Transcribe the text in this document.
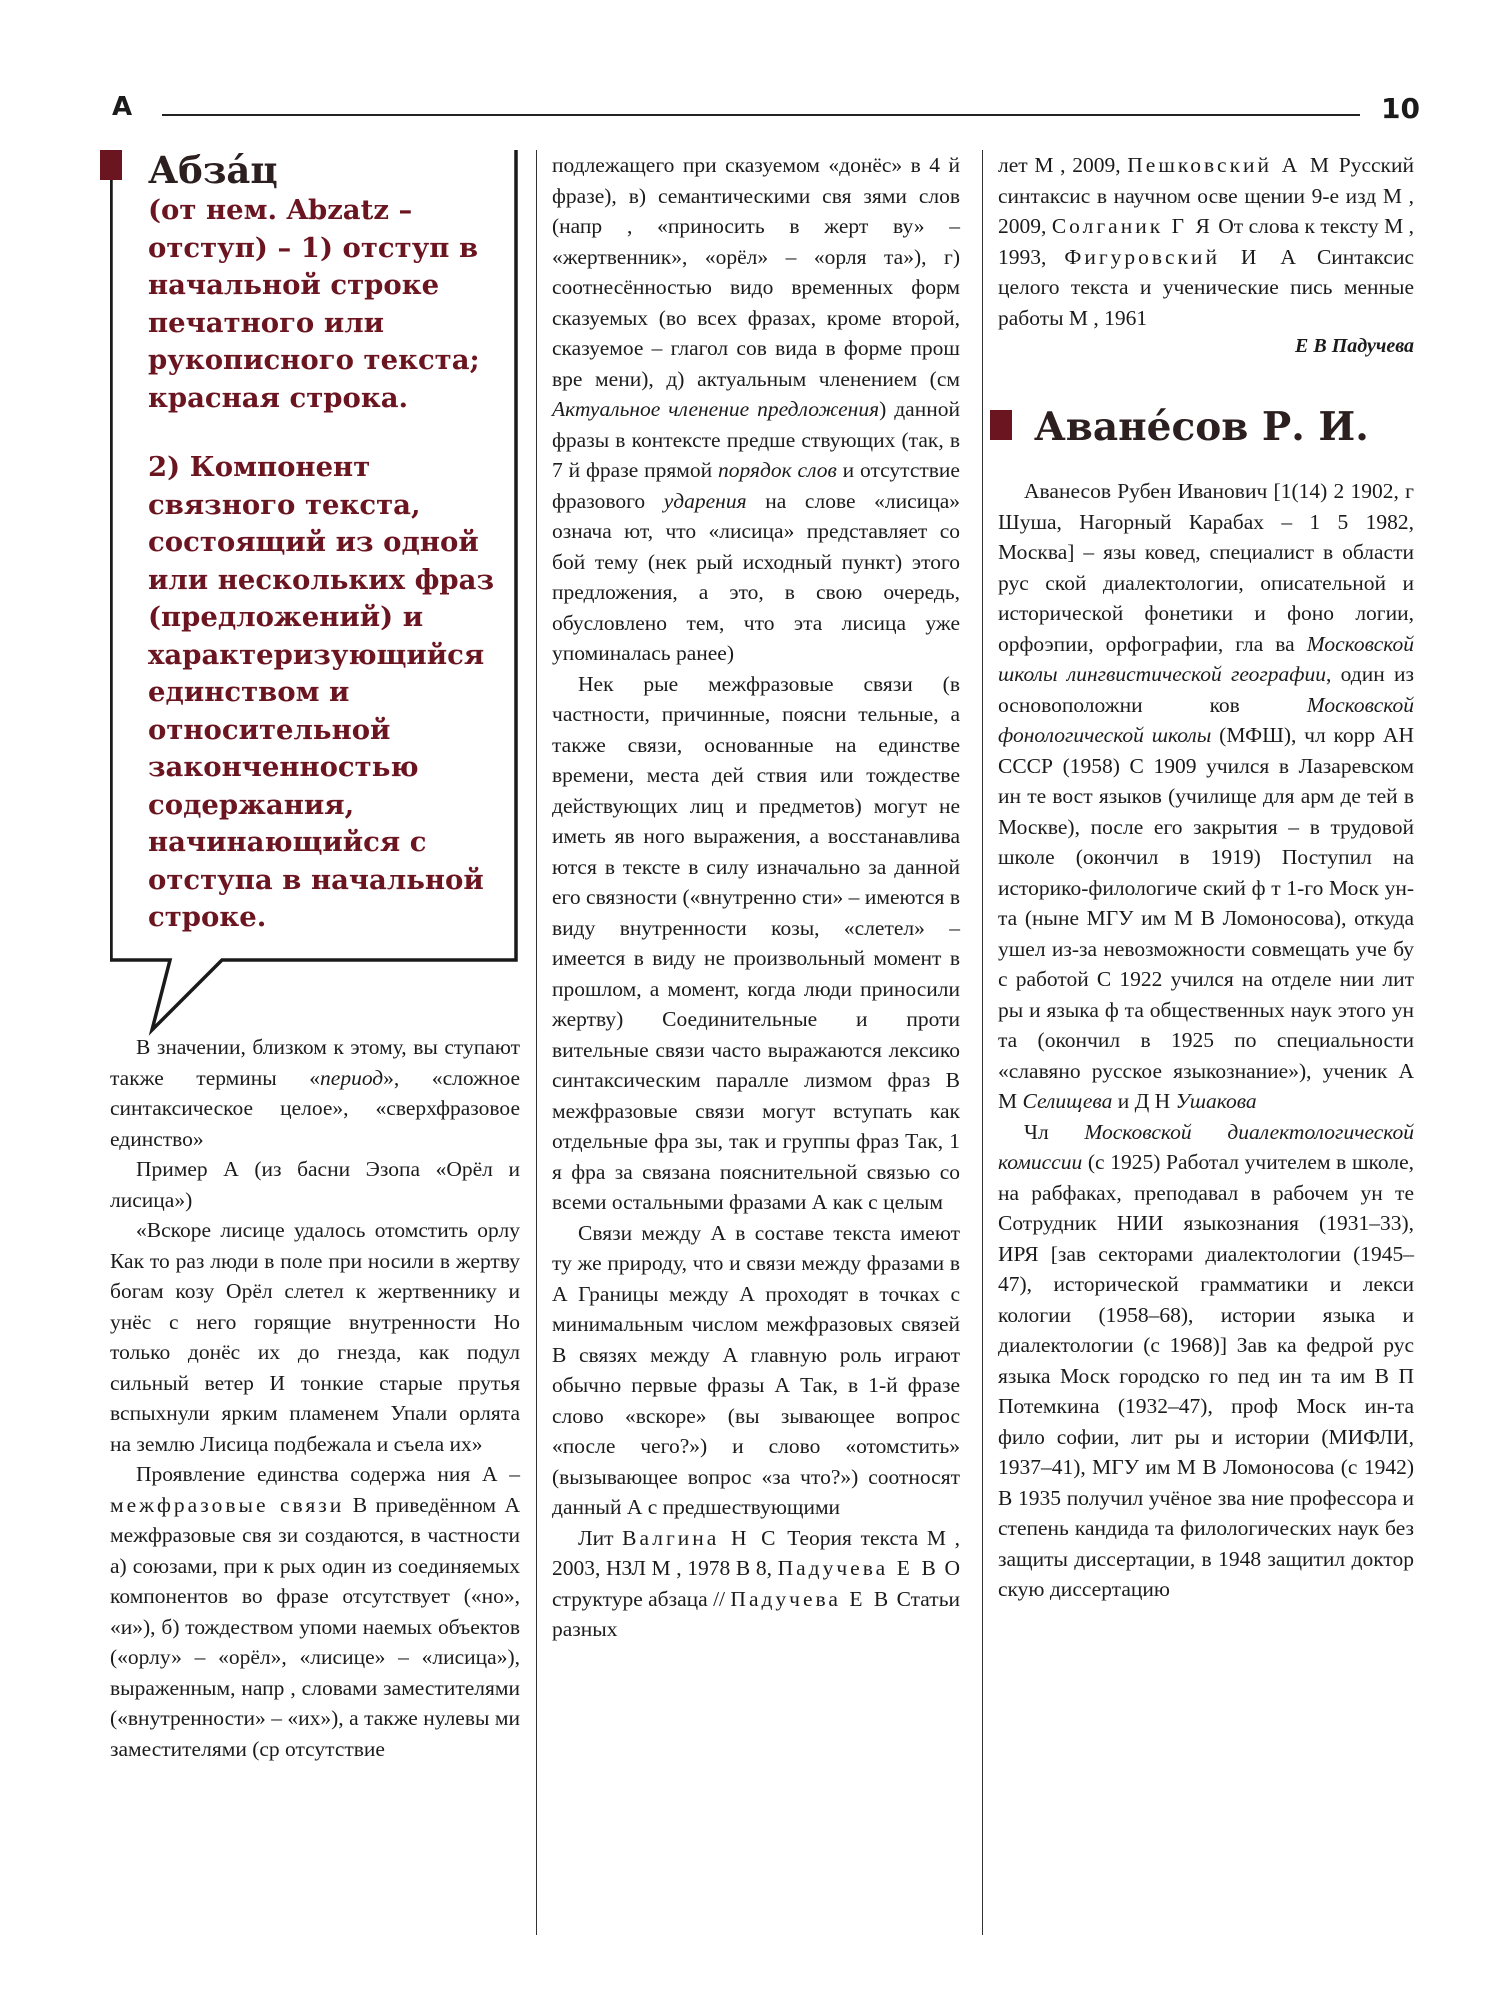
А	10

Абзáц

(от нем. Abzatz – отступ) – 1) отступ в начальной строке печатного или рукописного текста; красная строка.

2) Компонент связного текста, состоящий из одной или нескольких фраз (предложений) и характеризующийся единством и относительной законченностью содержания, начинающийся с отступа в начальной строке.

В значении, близком к этому, вы ступают также термины «период», «сложное синтаксическое целое», «сверхфразовое единство»

Пример А (из басни Эзопа «Орёл и лисица»)

«Вскоре лисице удалось отомстить орлу Как то раз люди в поле при носили в жертву богам козу Орёл слетел к жертвеннику и унёс с него горящие внутренности Но только донёс их до гнезда, как подул сильный ветер И тонкие старые прутья вспыхнули ярким пламенем Упали орлята на землю Лисица подбежала и съела их»

Проявление единства содержа ния А – межфразовые связи В приведённом А межфразовые свя зи создаются, в частности а) союзами, при к рых один из соединяемых компонентов во фразе отсутствует («но», «и»), б) тождеством упоми наемых объектов («орлу» – «орёл», «лисице» – «лисица»), выраженным, напр , словами заместителями («внутренности» – «их»), а также нулевы ми заместителями (ср отсутствие

подлежащего при сказуемом «донёс» в 4 й фразе), в) семантическими свя зями слов (напр , «приносить в жерт ву» – «жертвенник», «орёл» – «орля та»), г) соотнесённостью видо временных форм сказуемых (во всех фразах, кроме второй, сказуемое – глагол сов вида в форме прош вре мени), д) актуальным членением (см Актуальное членение предложения) данной фразы в контексте предше ствующих (так, в 7 й фразе прямой порядок слов и отсутствие фразового ударения на слове «лисица» означа ют, что «лисица» представляет со бой тему (нек рый исходный пункт) этого предложения, а это, в свою очередь, обусловлено тем, что эта лисица уже упоминалась ранее)

Нек рые межфразовые связи (в частности, причинные, поясни тельные, а также связи, основанные на единстве времени, места дей ствия или тождестве действующих лиц и предметов) могут не иметь яв ного выражения, а восстанавлива ются в тексте в силу изначально за данной его связности («внутренно сти» – имеются в виду внутренности козы, «слетел» – имеется в виду не произвольный момент в прошлом, а момент, когда люди приносили жертву) Соединительные и проти вительные связи часто выражаются лексико синтаксическим паралле лизмом фраз В межфразовые связи могут вступать как отдельные фра зы, так и группы фраз Так, 1 я фра за связана пояснительной связью со всеми остальными фразами А как с целым

Связи между А в составе текста имеют ту же природу, что и связи между фразами в А Границы между А проходят в точках с минимальным числом межфразовых связей В связях между А главную роль играют обычно первые фразы А Так, в 1-й фразе слово «вскоре» (вы зывающее вопрос «после чего?») и слово «отомстить» (вызывающее вопрос «за что?») соотносят данный А с предшествующими

Лит Валгина Н С Теория текста М , 2003, НЗЛ М , 1978 В 8, Падучева Е В О структуре абзаца // Падучева Е В Статьи разных

лет М , 2009, Пешковский А М Русский синтаксис в научном осве щении 9-е изд М , 2009, Солганик Г Я От слова к тексту М , 1993, Фигуровский И А Синтаксис целого текста и ученические пись менные работы М , 1961

Е В Падучева

Аване́сов Р. И.

Аванесов Рубен Иванович [1(14) 2 1902, г Шуша, Нагорный Карабах – 1 5 1982, Москва] – язы ковед, специалист в области рус ской диалектологии, описательной и исторической фонетики и фоно логии, орфоэпии, орфографии, гла ва Московской школы лингвистической географии, один из основоположни ков Московской фонологической школы (МФШ), чл корр АН СССР (1958) С 1909 учился в Лазаревском ин те вост языков (училище для арм де тей в Москве), после его закрытия – в трудовой школе (окончил в 1919) Поступил на историко-филологиче ский ф т 1-го Моск ун-та (ныне МГУ им М В Ломоносова), откуда ушел из-за невозможности совмещать уче бу с работой С 1922 учился на отделе нии лит ры и языка ф та общественных наук этого ун та (окончил в 1925 по специальности «славяно русское языкознание»), ученик А М Селищева и Д Н Ушакова

Чл Московской диалектологической комиссии (с 1925) Работал учителем в школе, на рабфаках, преподавал в рабочем ун те Сотрудник НИИ языкознания (1931–33), ИРЯ [зав секторами диалектологии (1945–47), исторической грамматики и лекси кологии (1958–68), истории языка и диалектологии (с 1968)] Зав ка федрой рус языка Моск городско го пед ин та им В П Потемкина (1932–47), проф Моск ин-та фило софии, лит ры и истории (МИФЛИ, 1937–41), МГУ им М В Ломоносова (с 1942) В 1935 получил учёное зва ние профессора и степень кандида та филологических наук без защиты диссертации, в 1948 защитил доктор скую диссертацию
